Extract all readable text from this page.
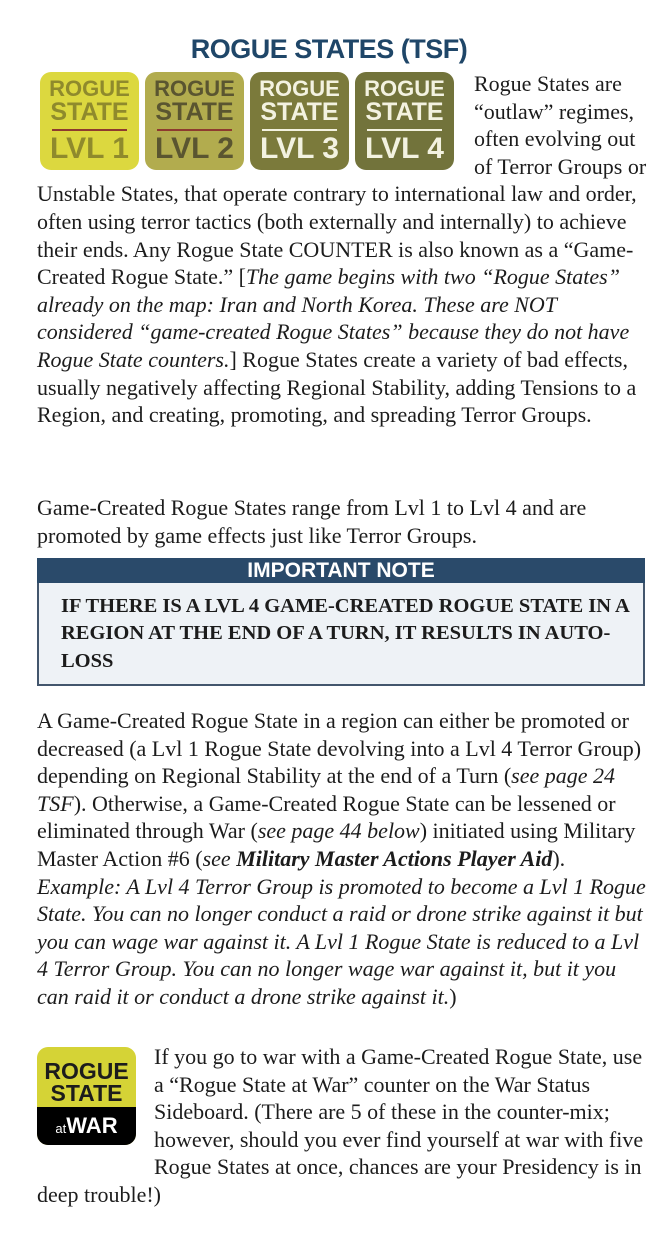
ROGUE STATES (TSF)
ROGUE
STATE
LVL 1
ROGUE
STATE
LVL 2
ROGUE
STATE
LVL 3
ROGUE
STATE
LVL 4
Rogue States are “outlaw” regimes, often evolving out of Terror Groups or Unstable States, that operate contrary to international law and order, often using terror tactics (both externally and internally) to achieve their ends. Any Rogue State COUNTER is also known as a “Game-Created Rogue State.” [The game begins with two “Rogue States” already on the map: Iran and North Korea. These are NOT considered “game-created Rogue States” because they do not have Rogue State counters.] Rogue States create a variety of bad effects, usually negatively affecting Regional Stability, adding Tensions to a Region, and creating, promoting, and spreading Terror Groups.
Game-Created Rogue States range from Lvl 1 to Lvl 4 and are promoted by game effects just like Terror Groups.
IMPORTANT NOTE
IF THERE IS A LVL 4 GAME-CREATED ROGUE STATE IN A REGION AT THE END OF A TURN, IT RESULTS IN AUTO-LOSS
A Game-Created Rogue State in a region can either be promoted or decreased (a Lvl 1 Rogue State devolving into a Lvl 4 Terror Group) depending on Regional Stability at the end of a Turn (see page 24 TSF). Otherwise, a Game-Created Rogue State can be lessened or eliminated through War (see page 44 below) initiated using Military Master Action #6 (see Military Master Actions Player Aid). Example: A Lvl 4 Terror Group is promoted to become a Lvl 1 Rogue State. You can no longer conduct a raid or drone strike against it but you can wage war against it. A Lvl 1 Rogue State is reduced to a Lvl 4 Terror Group. You can no longer wage war against it, but it you can raid it or conduct a drone strike against it.)
ROGUE
STATE
atWAR
If you go to war with a Game-Created Rogue State, use a “Rogue State at War” counter on the War Status Sideboard. (There are 5 of these in the counter-mix; however, should you ever find yourself at war with five Rogue States at once, chances are your Presidency is in deep trouble!)
